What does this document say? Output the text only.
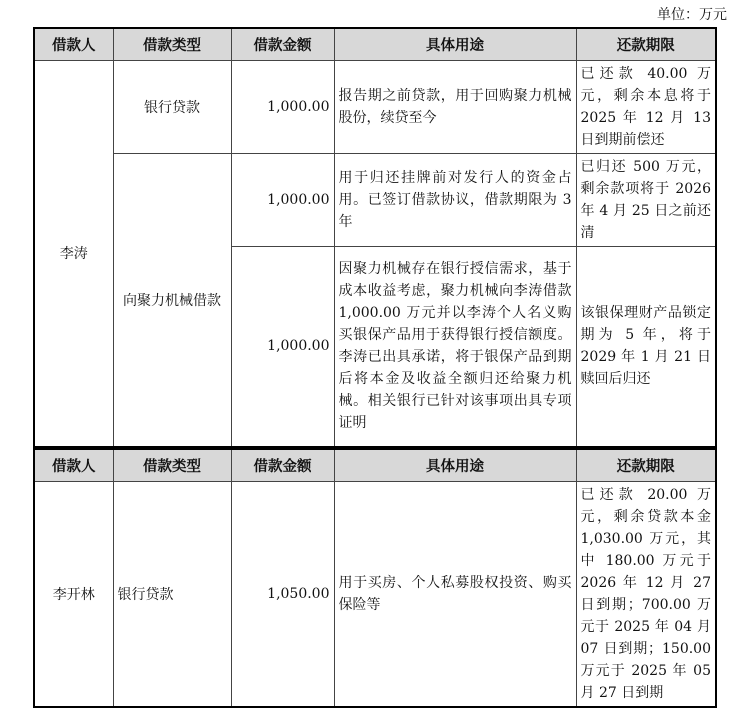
单位：万元
借款人	借款类型	借款金额	具体用途	还款期限
李涛	银行贷款	1,000.00	报告期之前贷款，用于回购聚力机械股份，续贷至今	已还款 40.00 万元，剩余本息将于 2025 年 12 月 13 日到期前偿还
	向聚力机械借款	1,000.00	用于归还挂牌前对发行人的资金占用。已签订借款协议，借款期限为 3 年	已归还 500 万元，剩余款项将于 2026 年 4 月 25 日之前还清
		1,000.00	因聚力机械存在银行授信需求，基于成本收益考虑，聚力机械向李涛借款 1,000.00 万元并以李涛个人名义购买银保产品用于获得银行授信额度。李涛已出具承诺，将于银保产品到期后将本金及收益全额归还给聚力机械。相关银行已针对该事项出具专项证明	该银保理财产品锁定期为 5 年，将于 2029 年 1 月 21 日赎回后归还
借款人	借款类型	借款金额	具体用途	还款期限
李开林	银行贷款	1,050.00	用于买房、个人私募股权投资、购买保险等	已还款 20.00 万元，剩余贷款本金 1,030.00 万元，其中 180.00 万元于 2026 年 12 月 27 日到期；700.00 万元于 2025 年 04 月 07 日到期；150.00 万元于 2025 年 05 月 27 日到期
